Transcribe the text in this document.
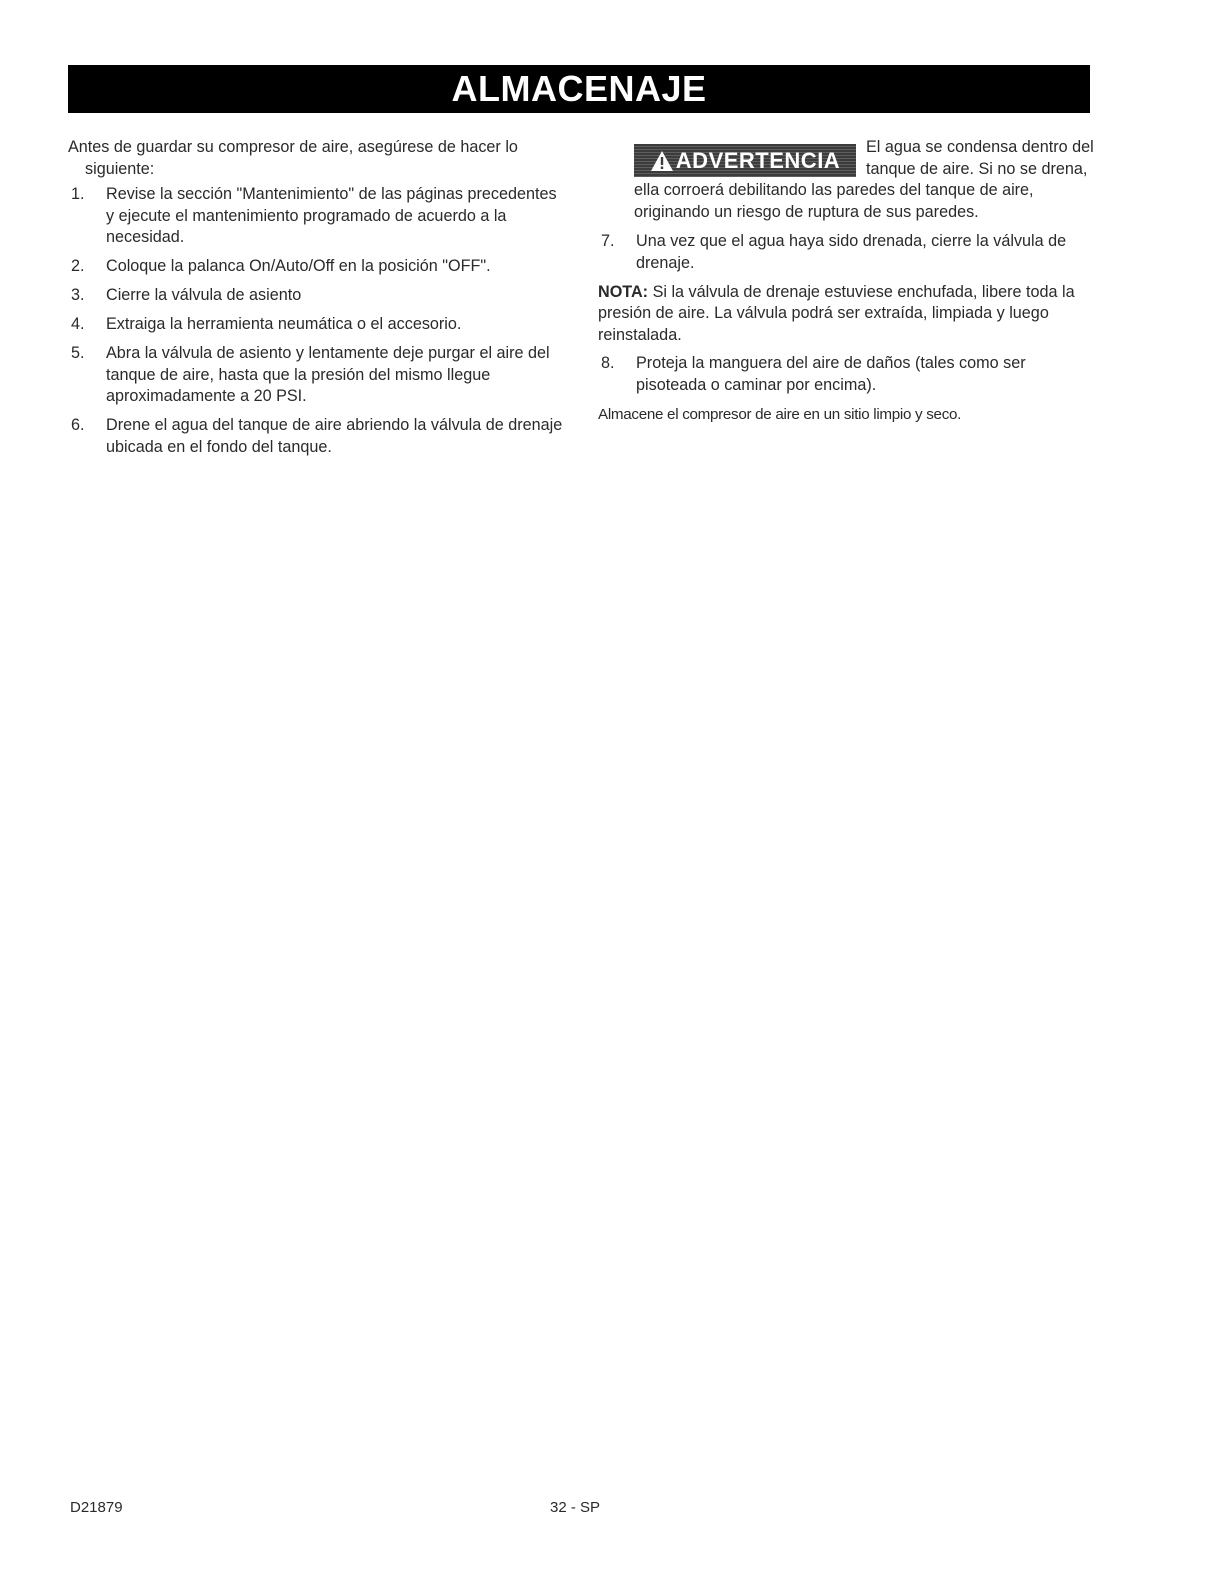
ALMACENAJE

Antes de guardar su compresor de aire, asegúrese de hacer lo siguiente:

1. Revise la sección "Mantenimiento" de las páginas precedentes y ejecute el mantenimiento programado de acuerdo a la necesidad.
2. Coloque la palanca On/Auto/Off en la posición "OFF".
3. Cierre la válvula de asiento
4. Extraiga la herramienta neumática o el accesorio.
5. Abra la válvula de asiento y lentamente deje purgar el aire del tanque de aire, hasta que la presión del mismo llegue aproximadamente a 20 PSI.
6. Drene el agua del tanque de aire abriendo la válvula de drenaje ubicada en el fondo del tanque.
ADVERTENCIA

El agua se condensa dentro del tanque de aire. Si no se drena, ella corroerá debilitando las paredes del tanque de aire, originando un riesgo de ruptura de sus paredes.

7. Una vez que el agua haya sido drenada, cierre la válvula de drenaje.

NOTA: Si la válvula de drenaje estuviese enchufada, libere toda la presión de aire. La válvula podrá ser extraída, limpiada y luego reinstalada.

8. Proteja la manguera del aire de daños (tales como ser pisoteada o caminar por encima).

Almacene el compresor de aire en un sitio limpio y seco.

D21879	32 - SP
